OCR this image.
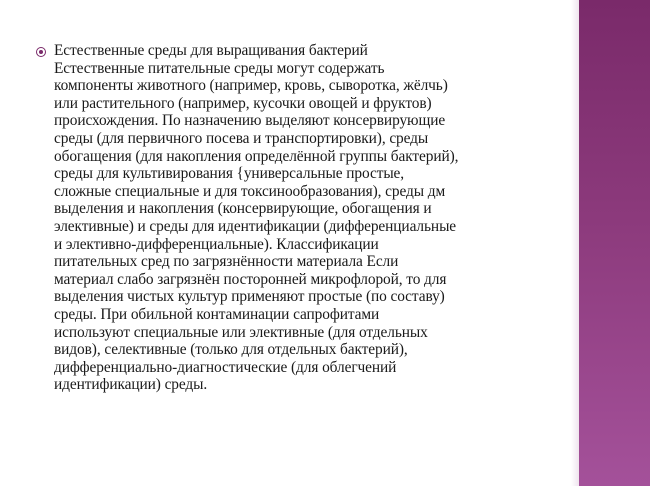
Естественные среды для выращивания бактерий
Естественные питательные среды могут содержать
компоненты животного (например, кровь, сыворотка, жёлчь)
или растительного (например, кусочки овощей и фруктов)
происхождения. По назначению выделяют консервирующие
среды (для первичного посева и транспортировки), среды
обогащения (для накопления определённой группы бактерий),
среды для культивирования {универсальные простые,
сложные специальные и для токсинообразования), среды дм
выделения и накопления (консервирующие, обогащения и
элективные) и среды для идентификации (дифференциальные
и элективно-дифференциальные). Классификации
питательных сред по загрязнённости материала Если
материал слабо загрязнён посторонней микрофлорой, то для
выделения чистых культур применяют простые (по составу)
среды. При обильной контаминации сапрофитами
используют специальные или элективные (для отдельных
видов), селективные (только для отдельных бактерий),
дифференциально-диагностические (для облегчений
идентификации) среды.
